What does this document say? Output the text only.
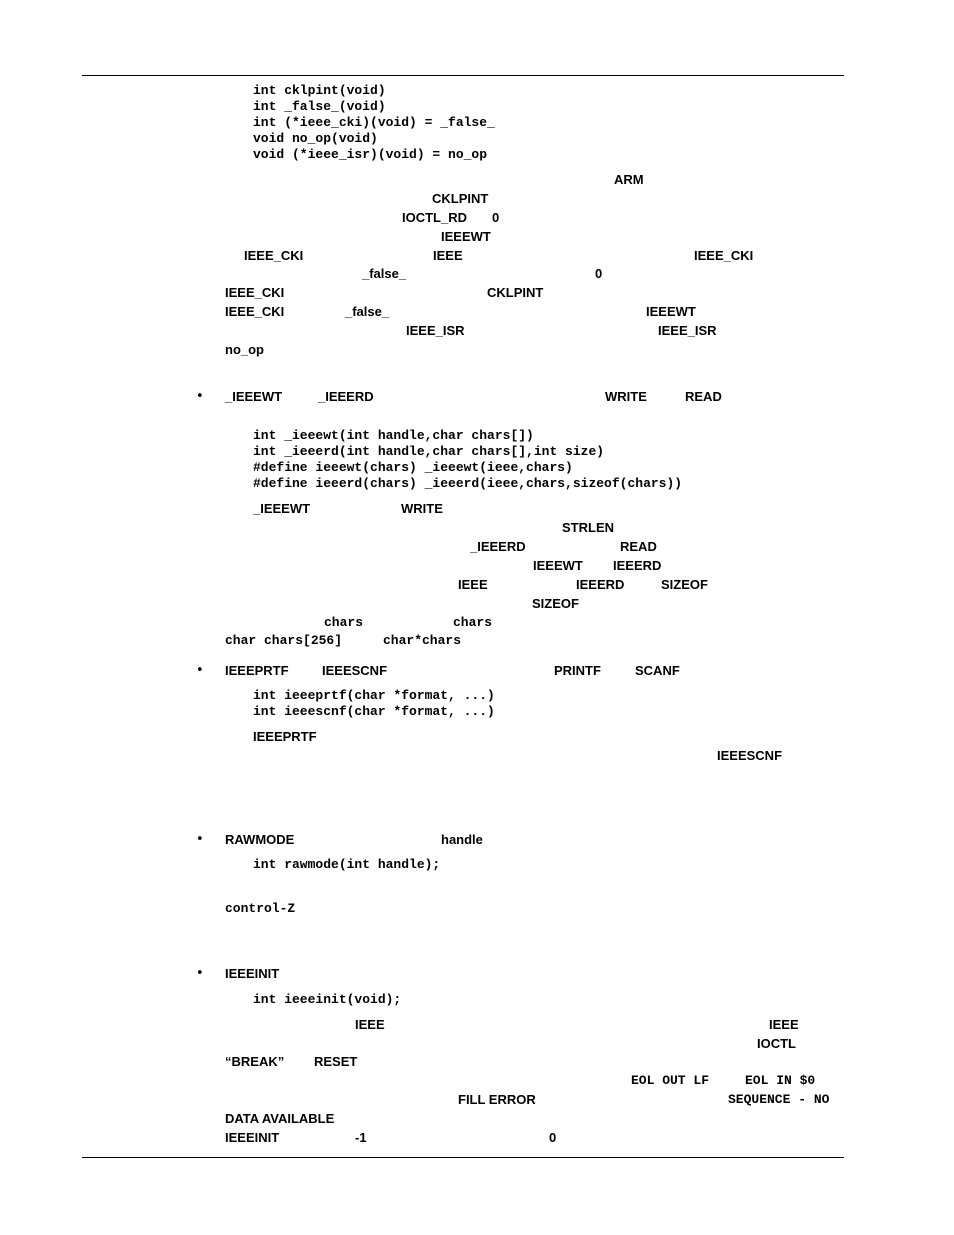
int cklpint(void)
int _false_(void)
int (*ieee_cki)(void) = _false_
void no_op(void)
void (*ieee_isr)(void) = no_op
ARM
CKLPINT
IOCTL_RD 0
IEEEWT
IEEE_CKI	IEEE	IEEE_CKI
_false_	0
IEEE_CKI	CKLPINT
IEEE_CKI	_false_	IEEEWT
IEEE_ISR	IEEE_ISR
no_op
• _IEEEWT	_IEEERD	WRITE	READ
int _ieeewt(int handle,char chars[])
int _ieeerd(int handle,char chars[],int size)
#define ieeewt(chars) _ieeewt(ieee,chars)
#define ieeerd(chars) _ieeerd(ieee,chars,sizeof(chars))
_IEEEWT	WRITE
STRLEN
_IEEERD	READ
IEEEWT IEEERD
IEEE	IEEERD	SIZEOF
SIZEOF
chars	chars
char chars[256]	char*chars
• IEEEPRTF	IEEESCNF	PRINTF	SCANF
int ieeeprtf(char *format, ...)
int ieeescnf(char *format, ...)
IEEEPRTF
IEEESCNF
• RAWMODE	handle
int rawmode(int handle);
control-Z
• IEEEINIT
int ieeeinit(void);
IEEE	IEEE
IOCTL
“BREAK” RESET
EOL OUT LF	EOL IN $0
FILL ERROR	SEQUENCE - NO
DATA AVAILABLE
IEEEINIT	-1	0
